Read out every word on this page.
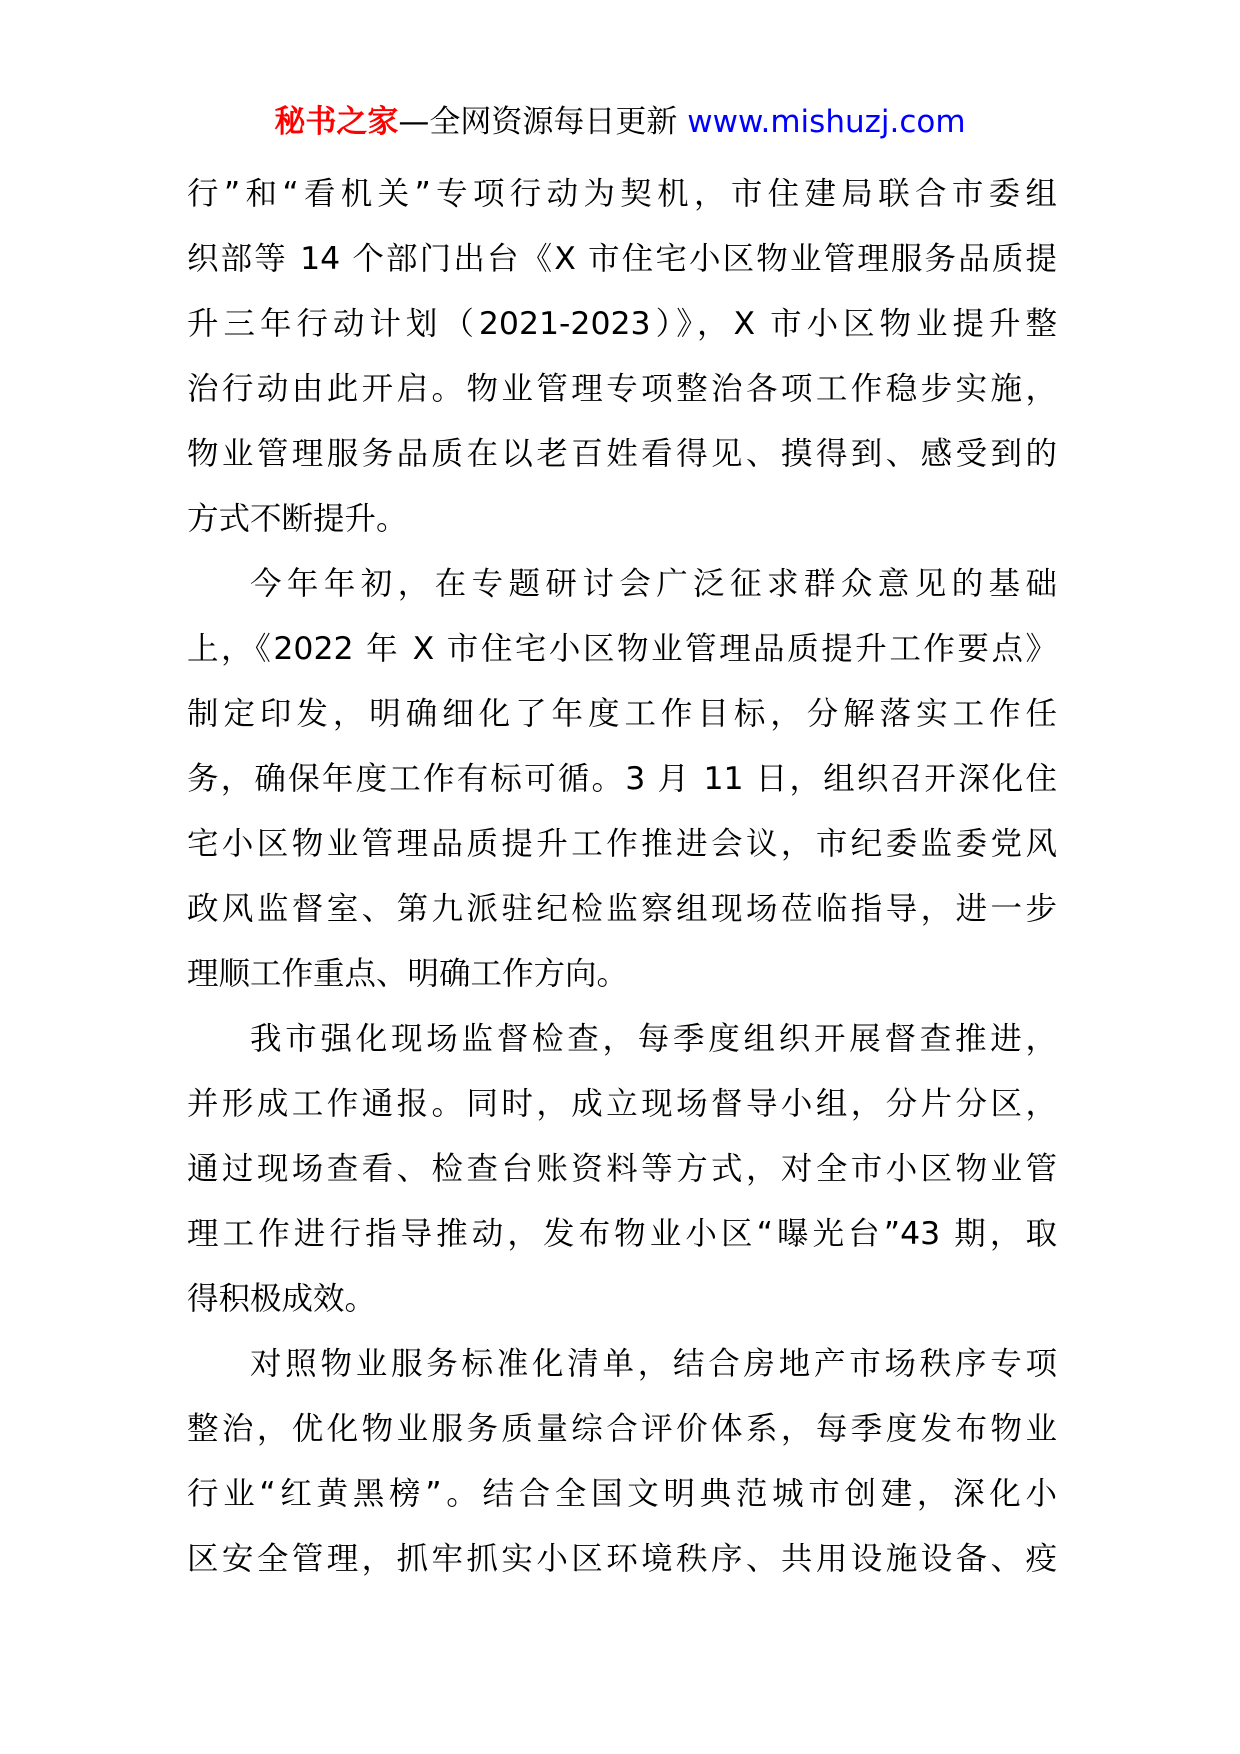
秘书之家—全网资源每日更新 www.mishuzj.com
行”和“看机关”专项行动为契机，市住建局联合市委组
织部等 14 个部门出台《X 市住宅小区物业管理服务品质提
升三年行动计划（2021-2023）》，X 市小区物业提升整
治行动由此开启。物业管理专项整治各项工作稳步实施，
物业管理服务品质在以老百姓看得见、摸得到、感受到的
方式不断提升。
今年年初，在专题研讨会广泛征求群众意见的基础
上，《2022 年 X 市住宅小区物业管理品质提升工作要点》
制定印发，明确细化了年度工作目标，分解落实工作任
务，确保年度工作有标可循。3 月 11 日，组织召开深化住
宅小区物业管理品质提升工作推进会议，市纪委监委党风
政风监督室、第九派驻纪检监察组现场莅临指导，进一步
理顺工作重点、明确工作方向。
我市强化现场监督检查，每季度组织开展督查推进，
并形成工作通报。同时，成立现场督导小组，分片分区，
通过现场查看、检查台账资料等方式，对全市小区物业管
理工作进行指导推动，发布物业小区“曝光台”43 期，取
得积极成效。
对照物业服务标准化清单，结合房地产市场秩序专项
整治，优化物业服务质量综合评价体系，每季度发布物业
行业“红黄黑榜”。结合全国文明典范城市创建，深化小
区安全管理，抓牢抓实小区环境秩序、共用设施设备、疫
